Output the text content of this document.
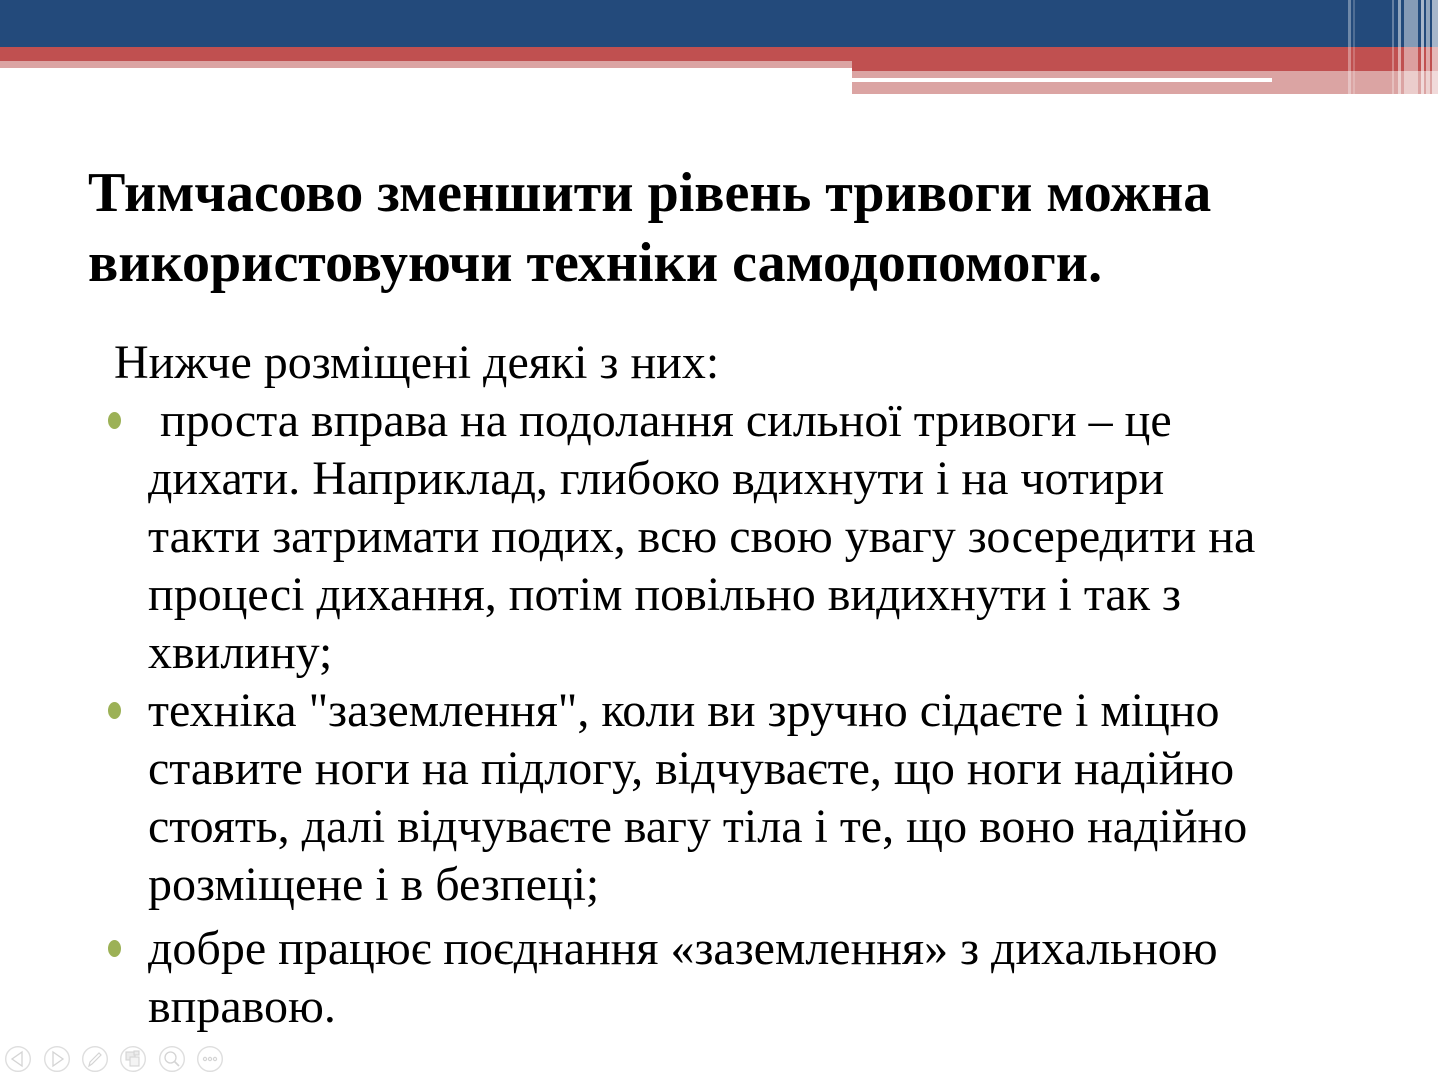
Тимчасово зменшити рівень тривоги можна
використовуючи техніки самодопомоги.
Нижче розміщені деякі з них:
проста вправа на подолання сильної тривоги – це
дихати. Наприклад, глибоко вдихнути і на чотири
такти затримати подих, всю свою увагу зосередити на
процесі дихання, потім повільно видихнути і так з
хвилину;
техніка "заземлення", коли ви зручно сідаєте і міцно
ставите ноги на підлогу, відчуваєте, що ноги надійно
стоять, далі відчуваєте вагу тіла і те, що воно надійно
розміщене і в безпеці;
добре працює поєднання «заземлення» з дихальною
вправою.
